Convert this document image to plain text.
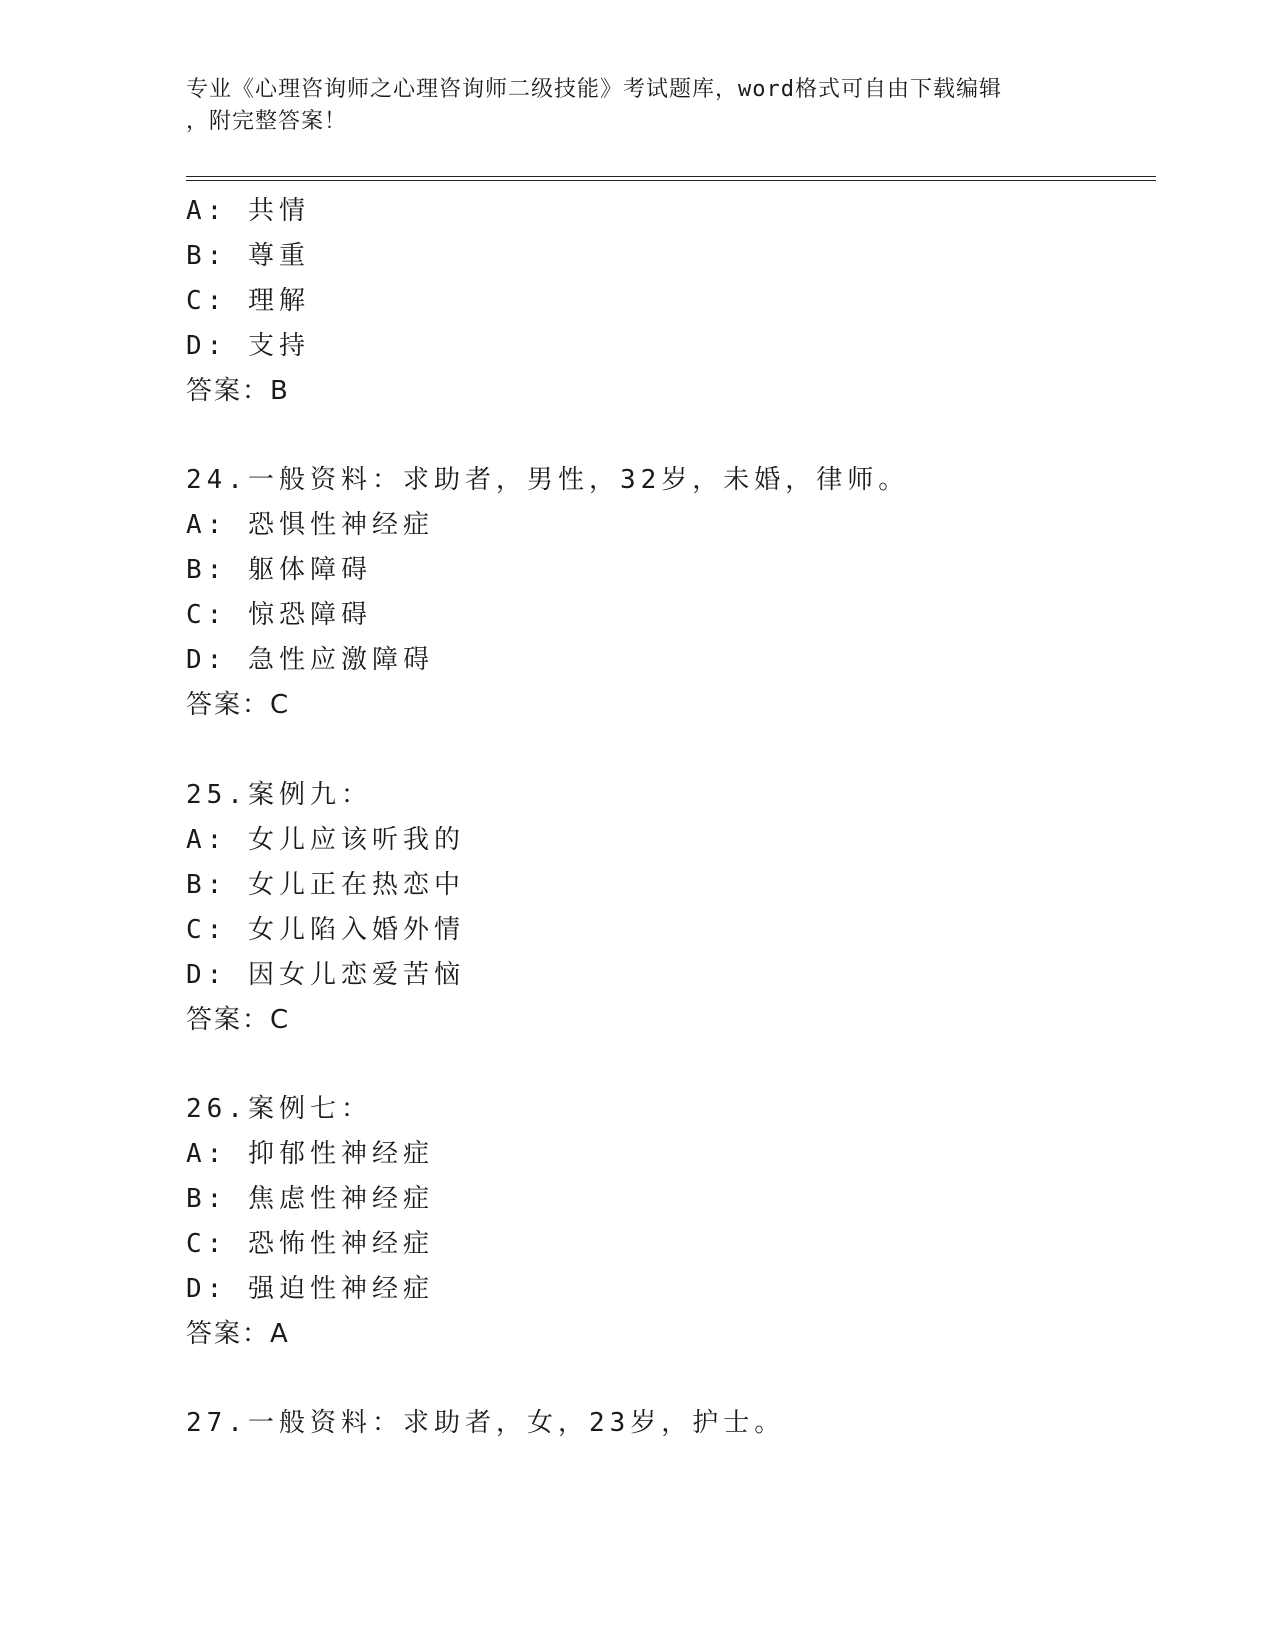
专业《心理咨询师之心理咨询师二级技能》考试题库，word格式可自由下载编辑
，附完整答案！
A: 共情
B: 尊重
C: 理解
D: 支持
答案：B
24.一般资料：求助者，男性，32岁，未婚，律师。
A: 恐惧性神经症
B: 躯体障碍
C: 惊恐障碍
D: 急性应激障碍
答案：C
25.案例九：
A: 女儿应该听我的
B: 女儿正在热恋中
C: 女儿陷入婚外情
D: 因女儿恋爱苦恼
答案：C
26.案例七：
A: 抑郁性神经症
B: 焦虑性神经症
C: 恐怖性神经症
D: 强迫性神经症
答案：A
27.一般资料：求助者，女，23岁，护士。
